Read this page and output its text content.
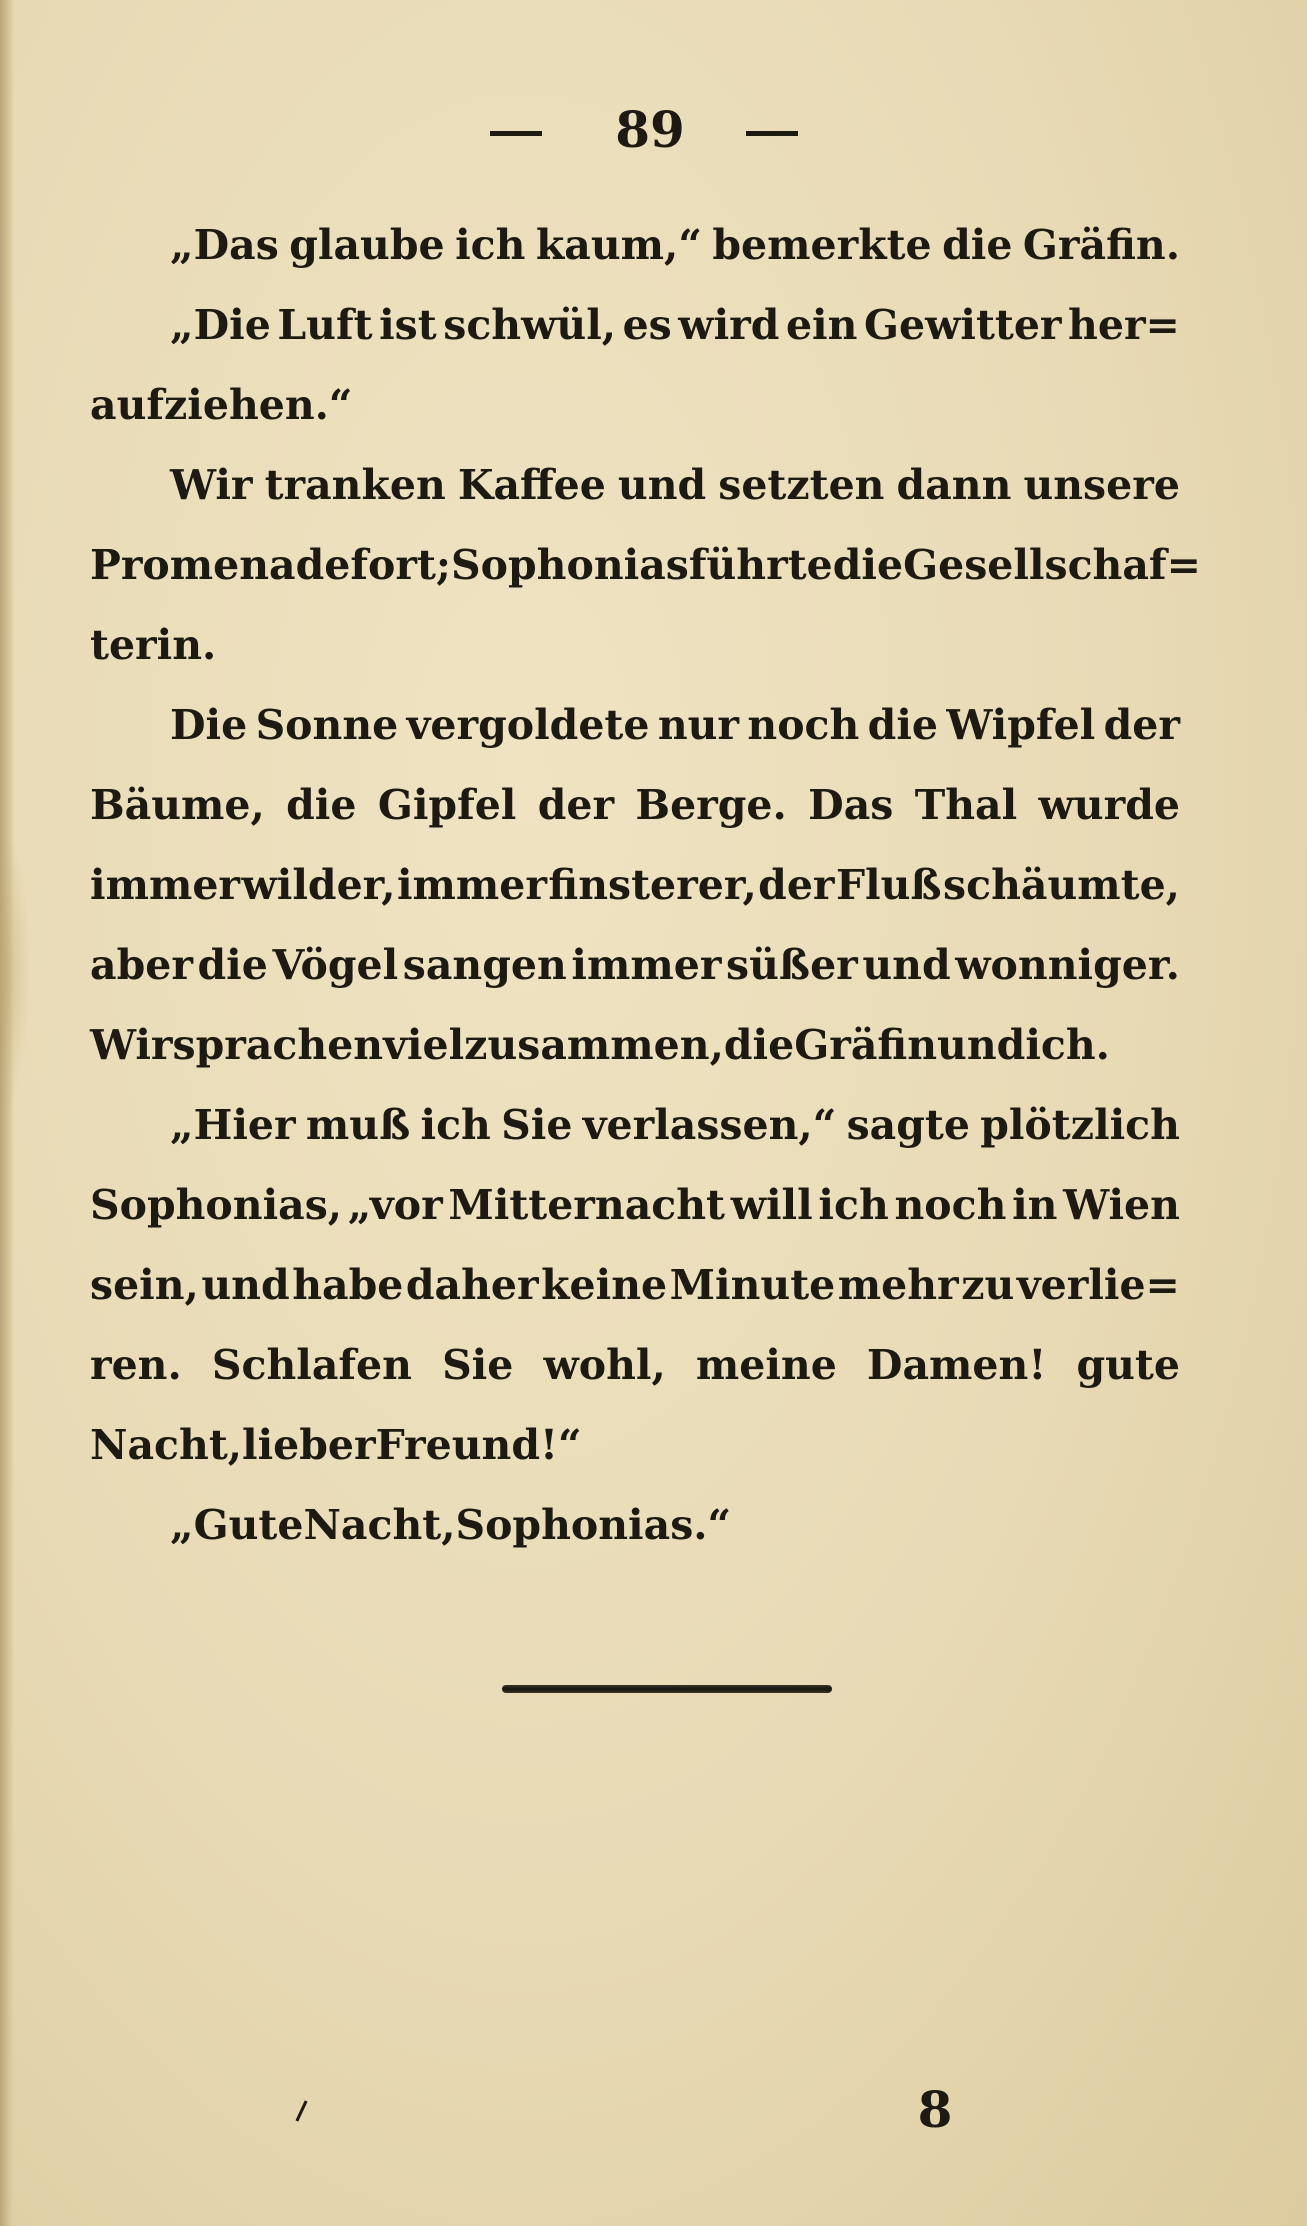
89
„Das glaube ich kaum,“ bemerkte die Gräfin.
„Die Luft ist schwül, es wird ein Gewitter her=
aufziehen.“
Wir tranken Kaffee und setzten dann unsere
Promenade fort; Sophonias führte die Gesellschaf=
terin.
Die Sonne vergoldete nur noch die Wipfel der
Bäume, die Gipfel der Berge. Das Thal wurde
immer wilder, immer finsterer, der Fluß schäumte,
aber die Vögel sangen immer süßer und wonniger.
Wir sprachen viel zusammen, die Gräfin und ich.
„Hier muß ich Sie verlassen,“ sagte plötzlich
Sophonias, „vor Mitternacht will ich noch in Wien
sein, und habe daher keine Minute mehr zu verlie=
ren. Schlafen Sie wohl, meine Damen! gute
Nacht, lieber Freund!“
„Gute Nacht, Sophonias.“
8
